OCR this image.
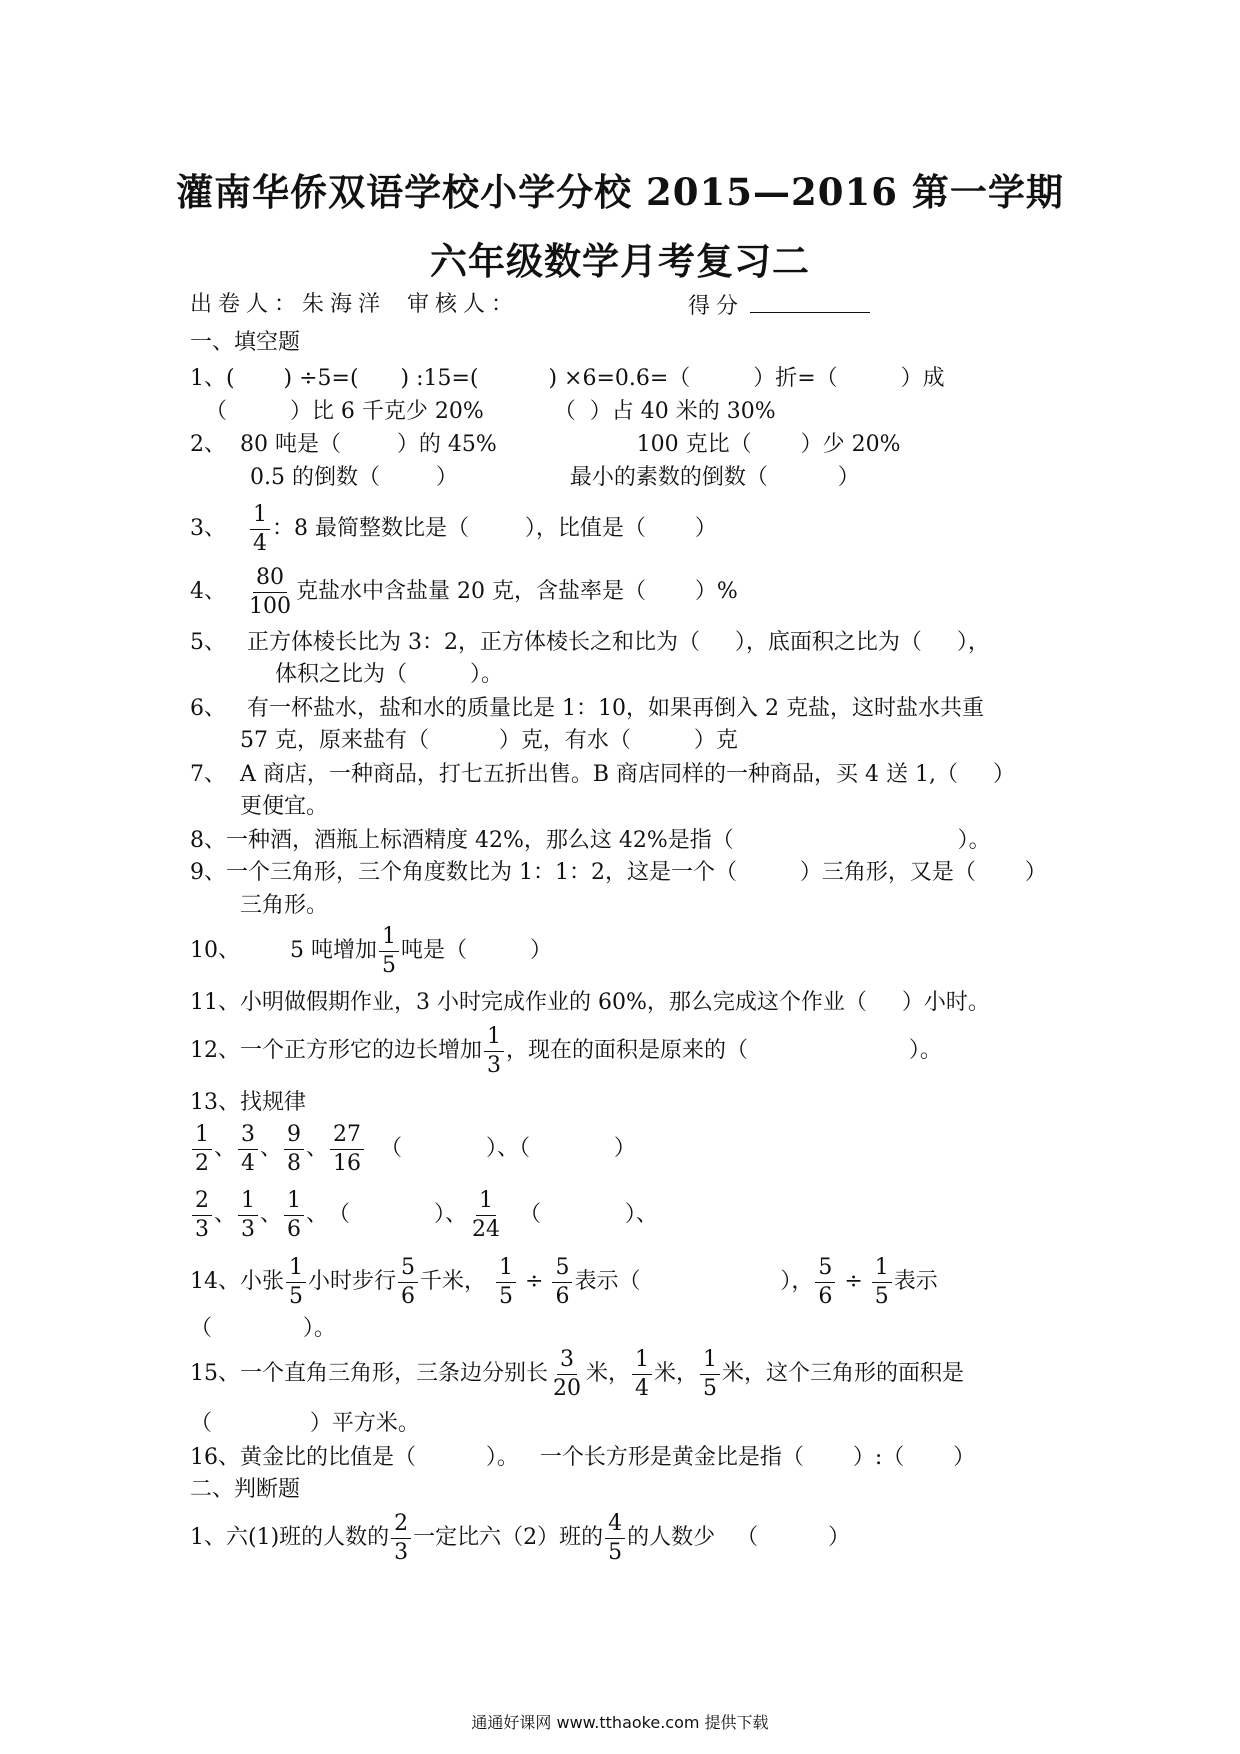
灌南华侨双语学校小学分校 2015—2016 第一学期
六年级数学月考复习二
出卷人：朱海洋 审核人：	得分
一、填空题
1、(       ) ÷5=(      ) :15=(          ) ×6=0.6=（         ）折=（         ）成
（         ）比 6 千克少 20%          （  ）占 40 米的 30%
2、  80 吨是（        ）的 45%                    100 克比（       ）少 20%
0.5 的倒数（        ）                最小的素数的倒数（          ）
3、 $\frac{1}{4}$ ：8 最简整数比是（        ），比值是（       ）
4、 $\frac{80}{100}$ 克盐水中含盐量 20 克，含盐率是（       ）%
5、   正方体棱长比为 3：2，正方体棱长之和比为（     ），底面积之比为（     ），
体积之比为（         ）。
6、   有一杯盐水，盐和水的质量比是 1：10，如果再倒入 2 克盐，这时盐水共重
57 克，原来盐有（          ）克，有水（         ）克
7、  A 商店，一种商品，打七五折出售。B 商店同样的一种商品，买 4 送 1,（     ）
更便宜。
8、一种酒，酒瓶上标酒精度 42%，那么这 42%是指（                                ）。
9、一个三角形，三个角度数比为 1：1：2，这是一个（         ）三角形，又是（       ）
三角形。
10、 5 吨增加 $\frac{1}{5}$ 吨是（         ）
11、小明做假期作业，3 小时完成作业的 60%，那么完成这个作业（     ）小时。
12、一个正方形它的边长增加 $\frac{1}{3}$ ，现在的面积是原来的（                       ）。
13、找规律
$\frac{1}{2}$ 、 $\frac{3}{4}$ 、 $\frac{9}{8}$ 、 $\frac{27}{16}$ （            ）、（            ）
$\frac{2}{3}$ 、 $\frac{1}{3}$ 、 $\frac{1}{6}$ 、 （            ）、 $\frac{1}{24}$ （            ）、
14、小张 $\frac{1}{5}$ 小时步行 $\frac{5}{6}$ 千米， $\frac{1}{5} \div \frac{5}{6}$ 表示（                    ）， $\frac{5}{6} \div \frac{1}{5}$ 表示
（             ）。
15、一个直角三角形，三条边分别长 $\frac{3}{20}$ 米， $\frac{1}{4}$ 米， $\frac{1}{5}$ 米，这个三角形的面积是
（              ）平方米。
16、黄金比的比值是（          ）。   一个长方形是黄金比是指（       ）:（       ）
二、判断题
1、六(1)班的人数的 $\frac{2}{3}$ 一定比六（2）班的 $\frac{4}{5}$ 的人数少   （          ）
通通好课网 www.tthaoke.com 提供下载
